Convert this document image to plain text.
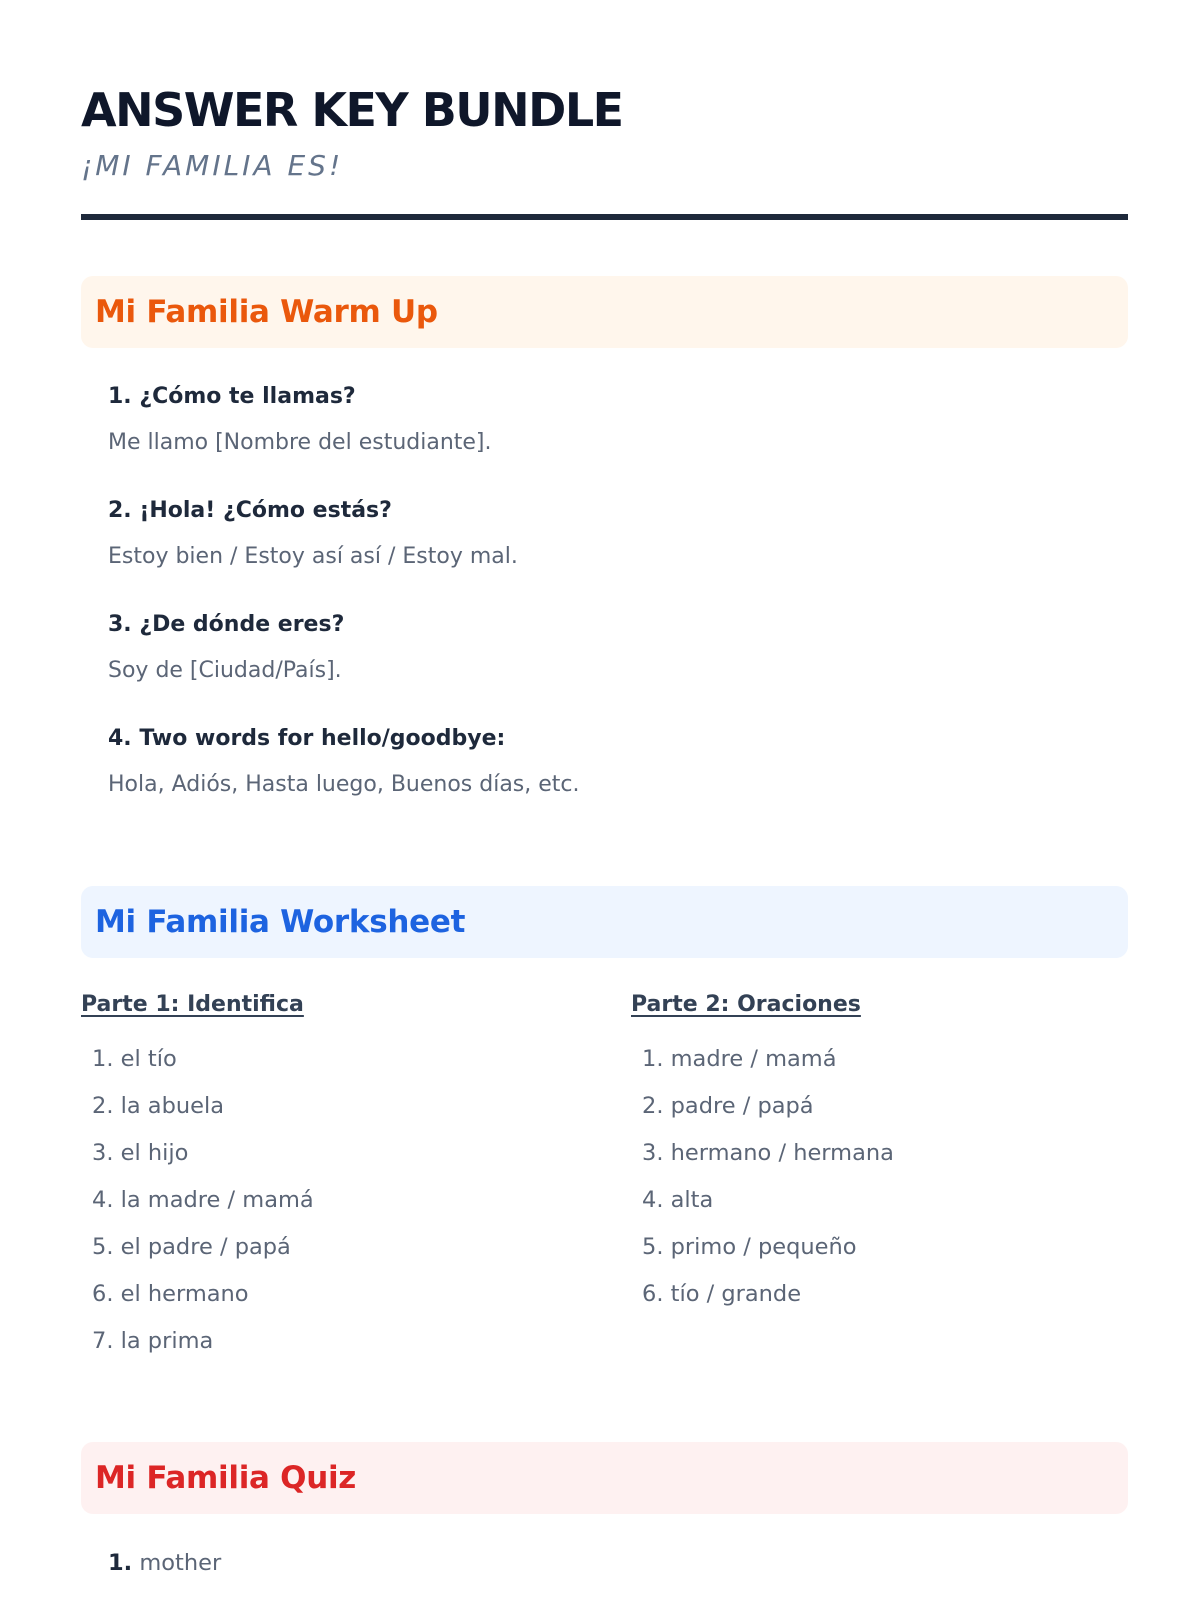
ANSWER KEY BUNDLE
¡MI FAMILIA ES!
Mi Familia Warm Up
1. ¿Cómo te llamas?
Me llamo [Nombre del estudiante].
2. ¡Hola! ¿Cómo estás?
Estoy bien / Estoy así así / Estoy mal.
3. ¿De dónde eres?
Soy de [Ciudad/País].
4. Two words for hello/goodbye:
Hola, Adiós, Hasta luego, Buenos días, etc.
Mi Familia Worksheet
Parte 1: Identifica
1. el tío
2. la abuela
3. el hijo
4. la madre / mamá
5. el padre / papá
6. el hermano
7. la prima
Parte 2: Oraciones
1. madre / mamá
2. padre / papá
3. hermano / hermana
4. alta
5. primo / pequeño
6. tío / grande
Mi Familia Quiz
1. mother
